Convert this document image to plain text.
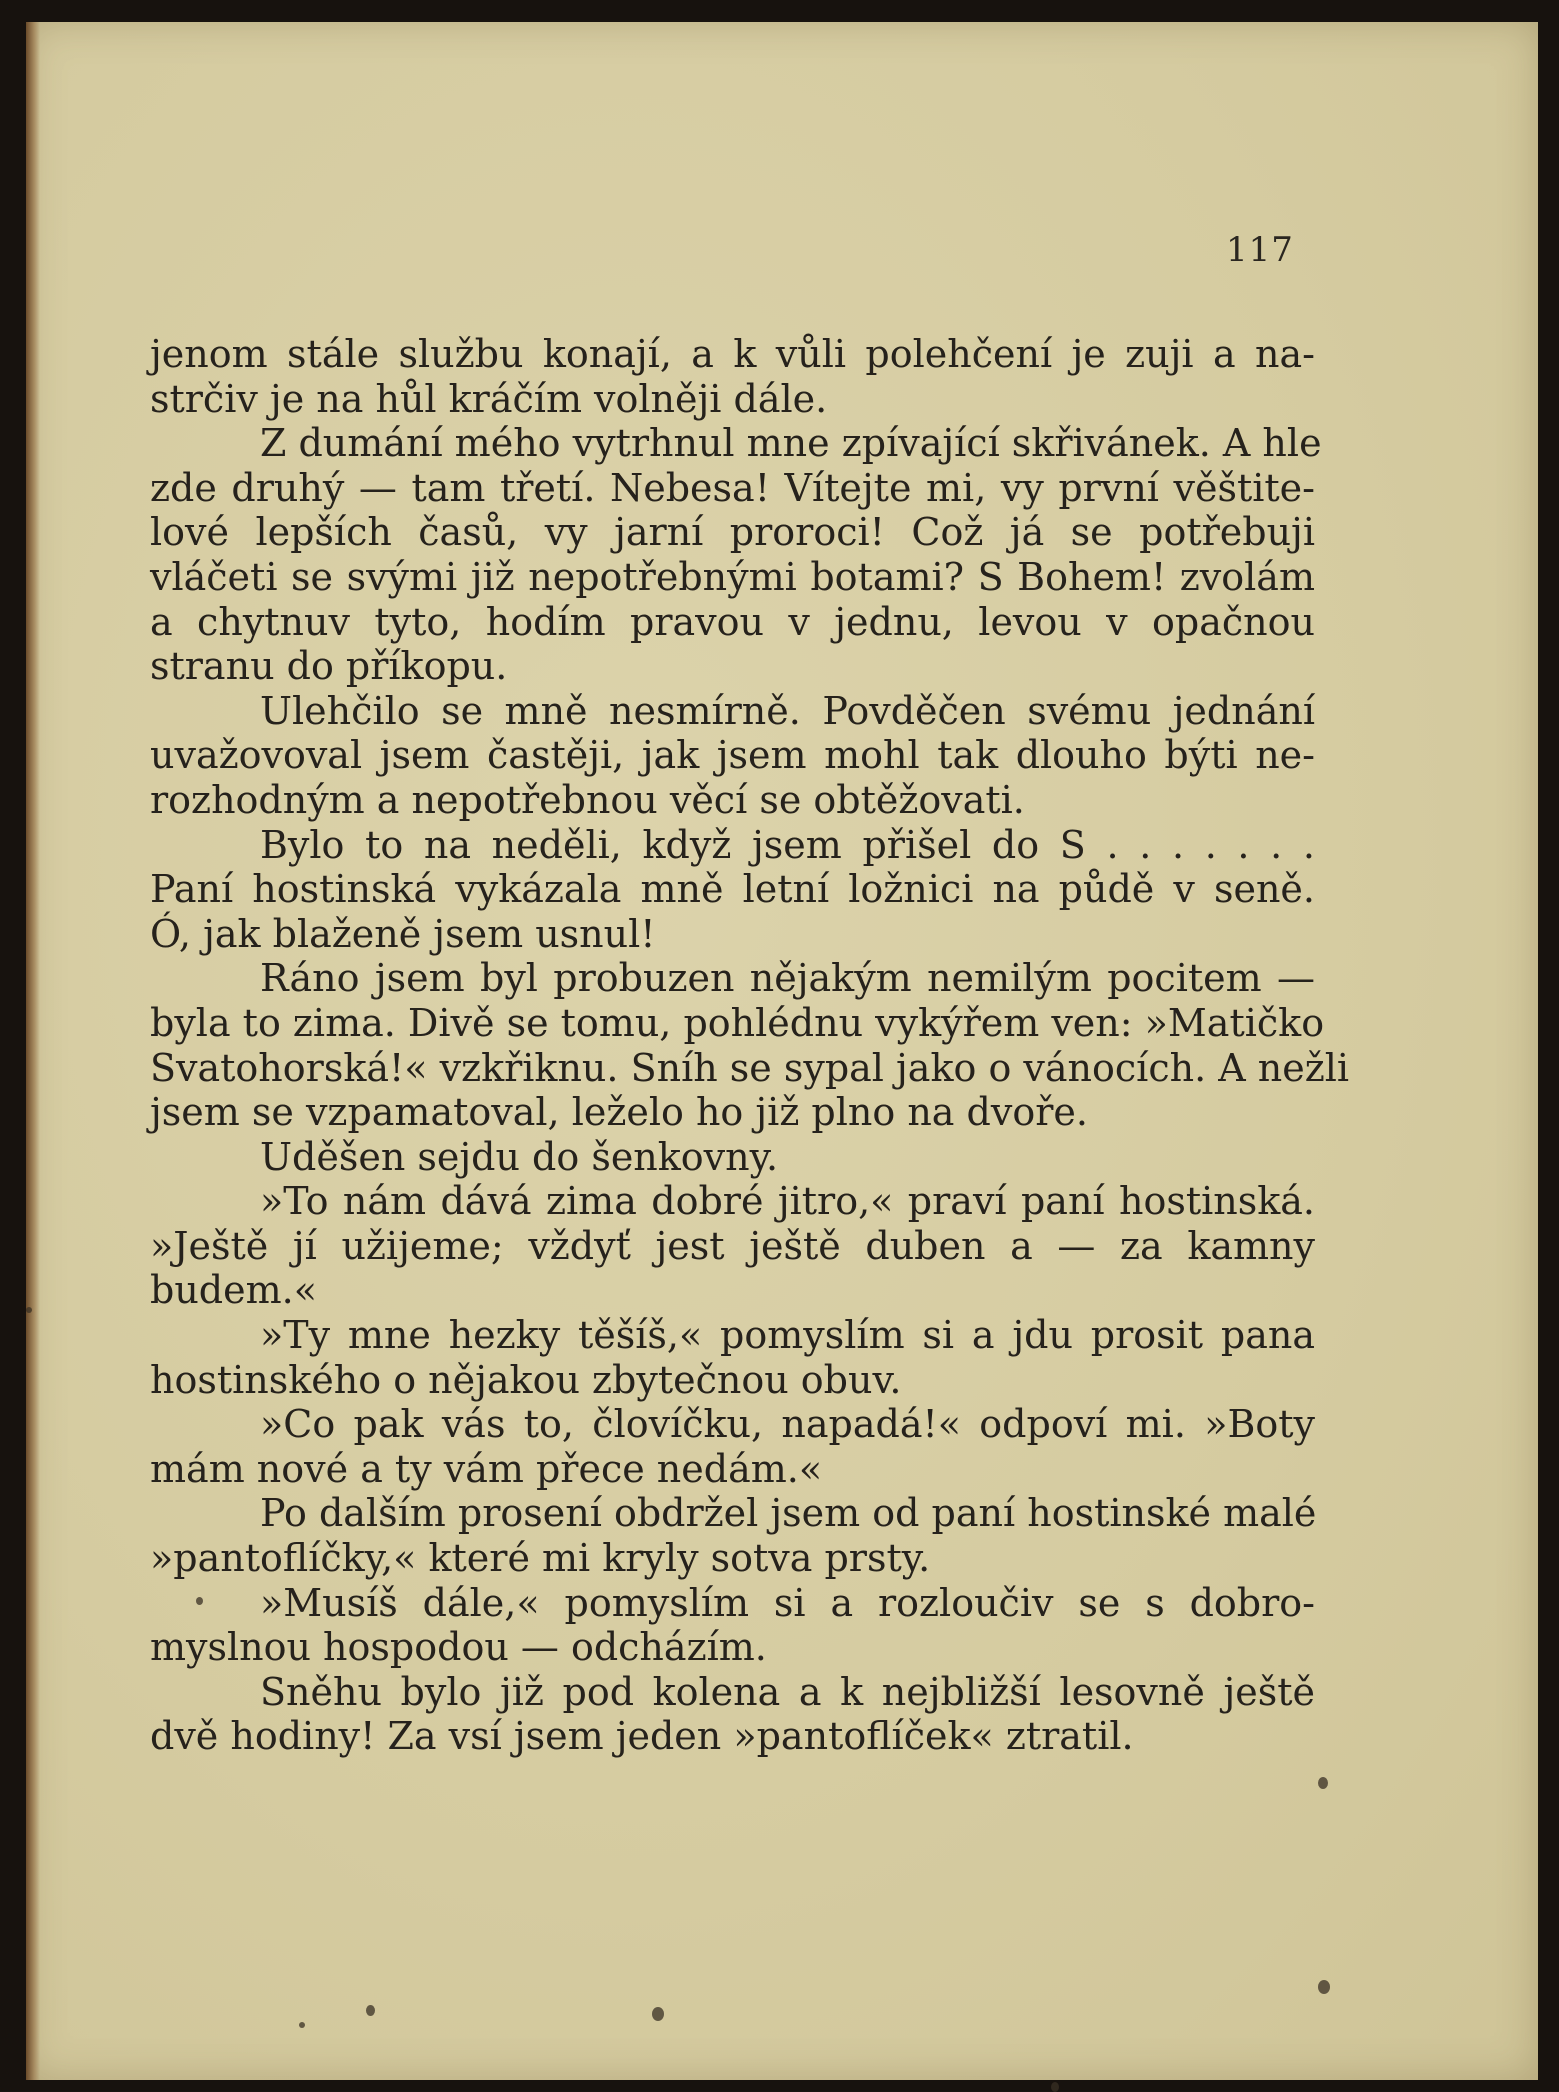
117
jenom stále službu konají, a k vůli polehčení je zuji a na-
strčiv je na hůl kráčím volněji dále.
Z dumání mého vytrhnul mne zpívající skřivánek. A hle
zde druhý — tam třetí. Nebesa! Vítejte mi, vy první věštite-
lové lepších časů, vy jarní proroci! Což já se potřebuji
vláčeti se svými již nepotřebnými botami? S Bohem! zvolám
a chytnuv tyto, hodím pravou v jednu, levou v opačnou
stranu do příkopu.
Ulehčilo se mně nesmírně. Povděčen svému jednání
uvažovoval jsem častěji, jak jsem mohl tak dlouho býti ne-
rozhodným a nepotřebnou věcí se obtěžovati.
Bylo to na neděli, když jsem přišel do S . . . . . . .
Paní hostinská vykázala mně letní ložnici na půdě v seně.
Ó, jak blaženě jsem usnul!
Ráno jsem byl probuzen nějakým nemilým pocitem —
byla to zima. Divě se tomu, pohlédnu vykýřem ven: »Matičko
Svatohorská!« vzkřiknu. Sníh se sypal jako o vánocích. A nežli
jsem se vzpamatoval, leželo ho již plno na dvoře.
Uděšen sejdu do šenkovny.
»To nám dává zima dobré jitro,« praví paní hostinská.
»Ještě jí užijeme; vždyť jest ještě duben a — za kamny
budem.«
»Ty mne hezky těšíš,« pomyslím si a jdu prosit pana
hostinského o nějakou zbytečnou obuv.
»Co pak vás to, človíčku, napadá!« odpoví mi. »Boty
mám nové a ty vám přece nedám.«
Po dalším prosení obdržel jsem od paní hostinské malé
»pantoflíčky,« které mi kryly sotva prsty.
»Musíš dále,« pomyslím si a rozloučiv se s dobro-
myslnou hospodou — odcházím.
Sněhu bylo již pod kolena a k nejbližší lesovně ještě
dvě hodiny! Za vsí jsem jeden »pantoflíček« ztratil.
